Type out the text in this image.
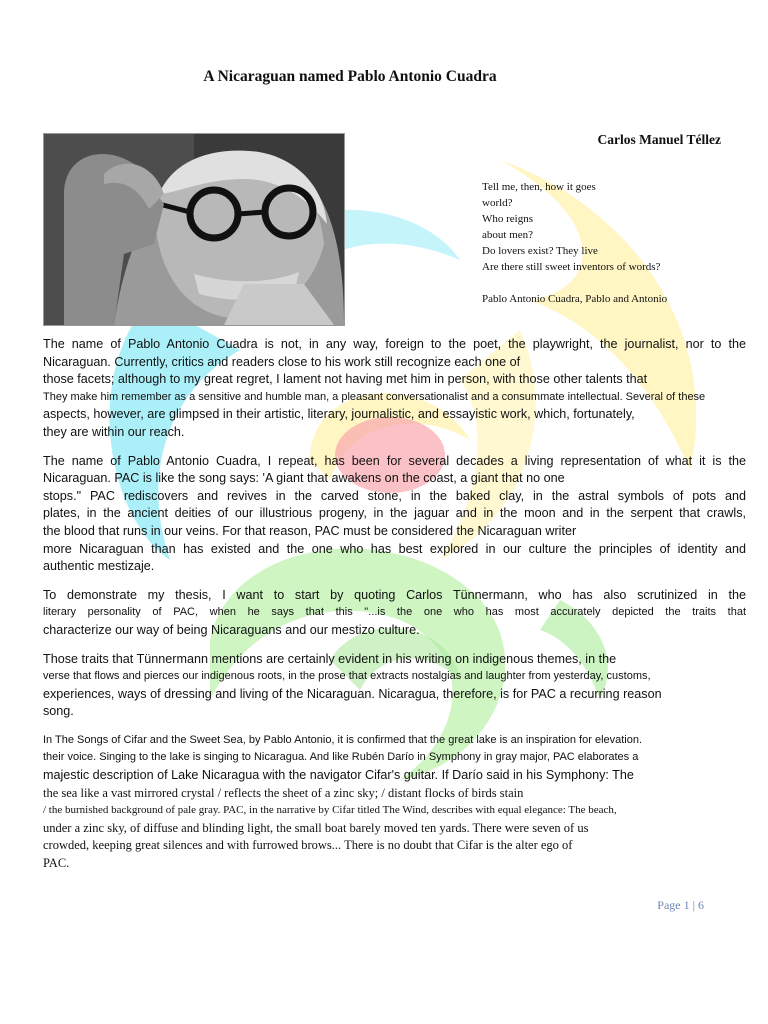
A Nicaraguan named Pablo Antonio Cuadra
Carlos Manuel Téllez
Tell me, then, how it goes
world?
Who reigns
about men?
Do lovers exist? They live
Are there still sweet inventors of words?
Pablo Antonio Cuadra, Pablo and Antonio
The name of Pablo Antonio Cuadra is not, in any way, foreign to the poet, the playwright, the journalist, nor to the
Nicaraguan. Currently, critics and readers close to his work still recognize each one of
those facets; although to my great regret, I lament not having met him in person, with those other talents that
They make him remember as a sensitive and humble man, a pleasant conversationalist and a consummate intellectual. Several of these
aspects, however, are glimpsed in their artistic, literary, journalistic, and essayistic work, which, fortunately,
they are within our reach.
The name of Pablo Antonio Cuadra, I repeat, has been for several decades a living representation of what it is the
Nicaraguan. PAC is like the song says: 'A giant that awakens on the coast, a giant that no one
stops." PAC rediscovers and revives in the carved stone, in the baked clay, in the astral symbols of pots and
plates, in the ancient deities of our illustrious progeny, in the jaguar and in the moon and in the serpent that crawls,
the blood that runs in our veins. For that reason, PAC must be considered the Nicaraguan writer
more Nicaraguan than has existed and the one who has best explored in our culture the principles of identity and
authentic mestizaje.
To demonstrate my thesis, I want to start by quoting Carlos Tünnermann, who has also scrutinized in the
literary personality of PAC, when he says that this "...is the one who has most accurately depicted the traits that
characterize our way of being Nicaraguans and our mestizo culture.
Those traits that Tünnermann mentions are certainly evident in his writing on indigenous themes, in the
verse that flows and pierces our indigenous roots, in the prose that extracts nostalgias and laughter from yesterday, customs,
experiences, ways of dressing and living of the Nicaraguan. Nicaragua, therefore, is for PAC a recurring reason
song.
In The Songs of Cifar and the Sweet Sea, by Pablo Antonio, it is confirmed that the great lake is an inspiration for elevation.
their voice. Singing to the lake is singing to Nicaragua. And like Rubén Darío in Symphony in gray major, PAC elaborates a
majestic description of Lake Nicaragua with the navigator Cifar's guitar. If Darío said in his Symphony: The
the sea like a vast mirrored crystal / reflects the sheet of a zinc sky; / distant flocks of birds stain
/ the burnished background of pale gray. PAC, in the narrative by Cifar titled The Wind, describes with equal elegance: The beach,
under a zinc sky, of diffuse and blinding light, the small boat barely moved ten yards. There were seven of us
crowded, keeping great silences and with furrowed brows... There is no doubt that Cifar is the alter ego of
PAC.
Page 1 | 6
